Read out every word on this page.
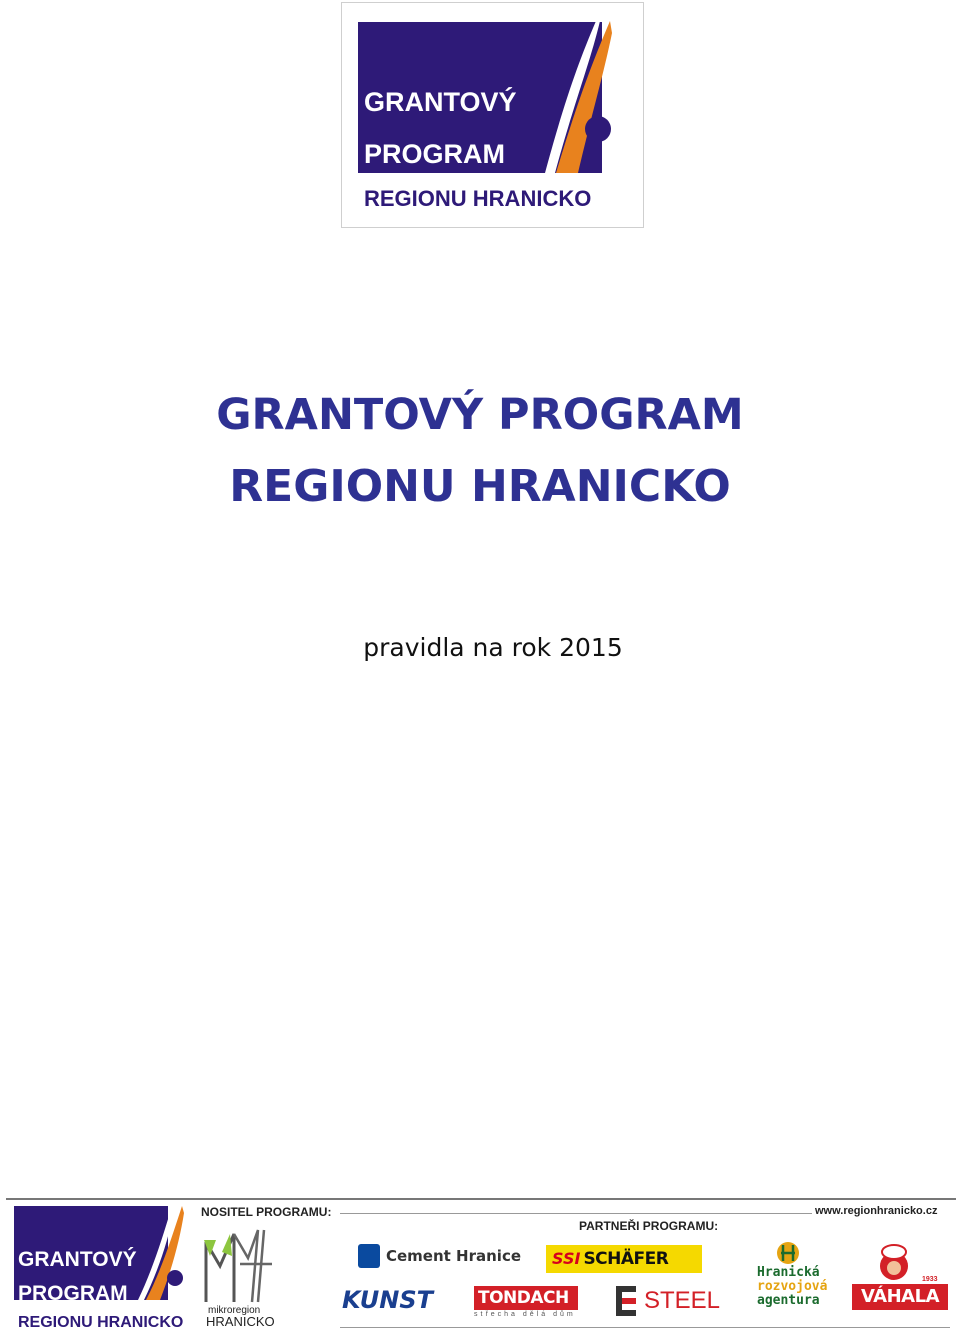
GRANTOVÝ
PROGRAM
REGIONU HRANICKO
GRANTOVÝ PROGRAM
REGIONU HRANICKO
pravidla na rok 2015
GRANTOVÝ
PROGRAM
REGIONU HRANICKO
NOSITEL PROGRAMU:
PARTNEŘI PROGRAMU:
www.regionhranicko.cz
mikroregion
HRANICKO
Cement Hranice	SSI SCHÄFER
KUNST	TONDACH
střecha dělá dům
STEEL
Hranická
rozvojová
agentura
1933
VÁHALA
